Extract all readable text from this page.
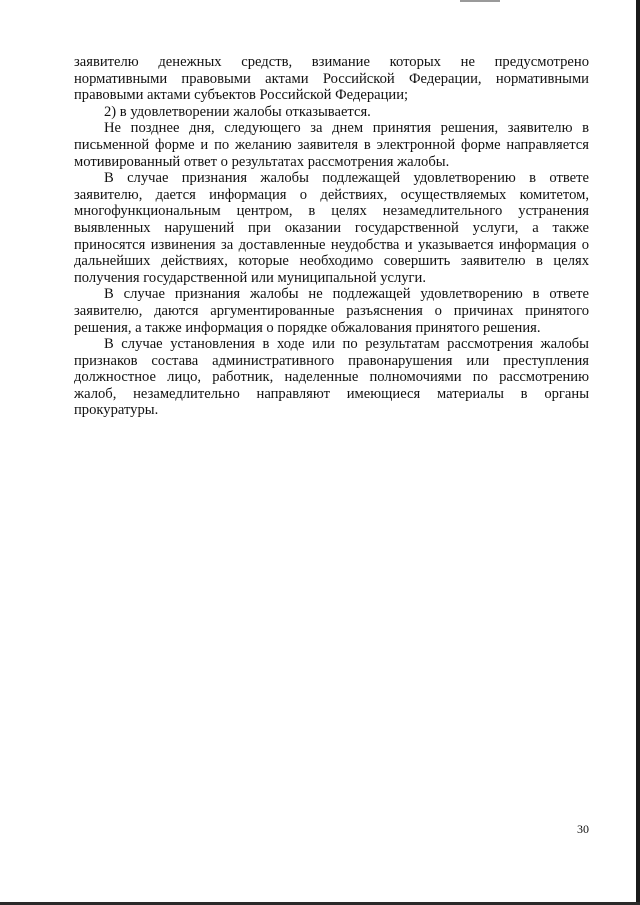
заявителю денежных средств, взимание которых не предусмотрено нормативными правовыми актами Российской Федерации, нормативными правовыми актами субъектов Российской Федерации;

2) в удовлетворении жалобы отказывается.

Не позднее дня, следующего за днем принятия решения, заявителю в письменной форме и по желанию заявителя в электронной форме направляется мотивированный ответ о результатах рассмотрения жалобы.

В случае признания жалобы подлежащей удовлетворению в ответе заявителю, дается информация о действиях, осуществляемых комитетом, многофункциональным центром, в целях незамедлительного устранения выявленных нарушений при оказании государственной услуги, а также приносятся извинения за доставленные неудобства и указывается информация о дальнейших действиях, которые необходимо совершить заявителю в целях получения государственной или муниципальной услуги.

В случае признания жалобы не подлежащей удовлетворению в ответе заявителю, даются аргументированные разъяснения о причинах принятого решения, а также информация о порядке обжалования принятого решения.

В случае установления в ходе или по результатам рассмотрения жалобы признаков состава административного правонарушения или преступления должностное лицо, работник, наделенные полномочиями по рассмотрению жалоб, незамедлительно направляют имеющиеся материалы в органы прокуратуры.

30
